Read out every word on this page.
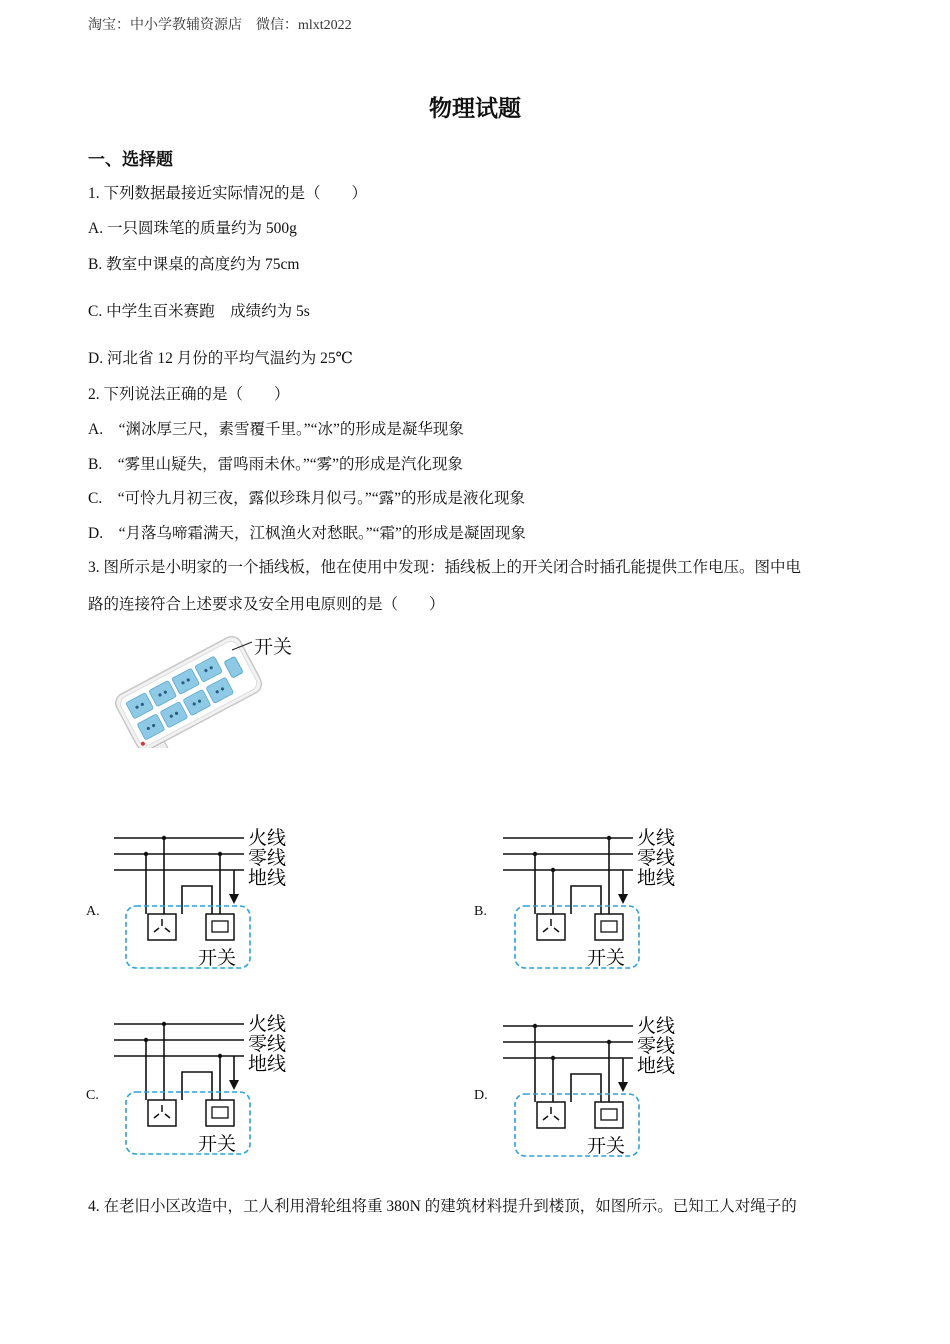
淘宝：中小学教辅资源店　微信：mlxt2022
物理试题
一、选择题
1. 下列数据最接近实际情况的是（　　）
A. 一只圆珠笔的质量约为 500g
B. 教室中课桌的高度约为 75cm
C. 中学生百米赛跑　成绩约为 5s
D. 河北省 12 月份的平均气温约为 25℃
2. 下列说法正确的是（　　）
A.　“渊冰厚三尺，素雪覆千里。”“冰”的形成是凝华现象
B.　“雾里山疑失，雷鸣雨未休。”“雾”的形成是汽化现象
C.　“可怜九月初三夜，露似珍珠月似弓。”“露”的形成是液化现象
D.　“月落乌啼霜满天，江枫渔火对愁眠。”“霜”的形成是凝固现象
3. 图所示是小明家的一个插线板，他在使用中发现：插线板上的开关闭合时插孔能提供工作电压。图中电
路的连接符合上述要求及安全用电原则的是（　　）
开关
A.
火线
零线
地线
开关
B.
火线
零线
地线
开关
C.
火线
零线
地线
开关
D.
火线
零线
地线
开关
4. 在老旧小区改造中，工人利用滑轮组将重 380N 的建筑材料提升到楼顶，如图所示。已知工人对绳子的
